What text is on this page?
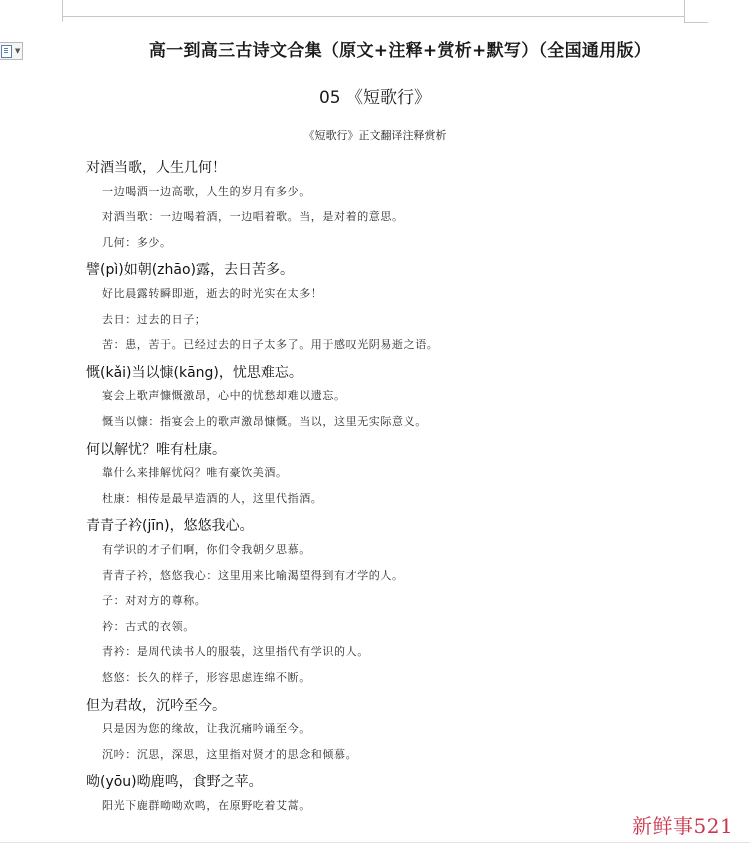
▼	高一到高三古诗文合集（原文+注释+赏析+默写）（全国通用版）
05 《短歌行》
《短歌行》正文翻译注释赏析
对酒当歌，人生几何！
一边喝酒一边高歌，人生的岁月有多少。
对酒当歌：一边喝着酒，一边唱着歌。当，是对着的意思。
几何：多少。
譬(pì)如朝(zhāo)露，去日苦多。
好比晨露转瞬即逝，逝去的时光实在太多！
去日：过去的日子；
苦：患，苦于。已经过去的日子太多了。用于感叹光阴易逝之语。
慨(kǎi)当以慷(kāng)，忧思难忘。
宴会上歌声慷慨激昂，心中的忧愁却难以遗忘。
慨当以慷：指宴会上的歌声激昂慷慨。当以，这里无实际意义。
何以解忧？唯有杜康。
靠什么来排解忧闷？唯有豪饮美酒。
杜康：相传是最早造酒的人，这里代指酒。
青青子衿(jīn)，悠悠我心。
有学识的才子们啊，你们令我朝夕思慕。
青青子衿，悠悠我心：这里用来比喻渴望得到有才学的人。
子：对对方的尊称。
衿：古式的衣领。
青衿：是周代读书人的服装，这里指代有学识的人。
悠悠：长久的样子，形容思虑连绵不断。
但为君故，沉吟至今。
只是因为您的缘故，让我沉痛吟诵至今。
沉吟：沉思，深思，这里指对贤才的思念和倾慕。
呦(yōu)呦鹿鸣，食野之苹。
阳光下鹿群呦呦欢鸣，在原野吃着艾蒿。
新鲜事521
